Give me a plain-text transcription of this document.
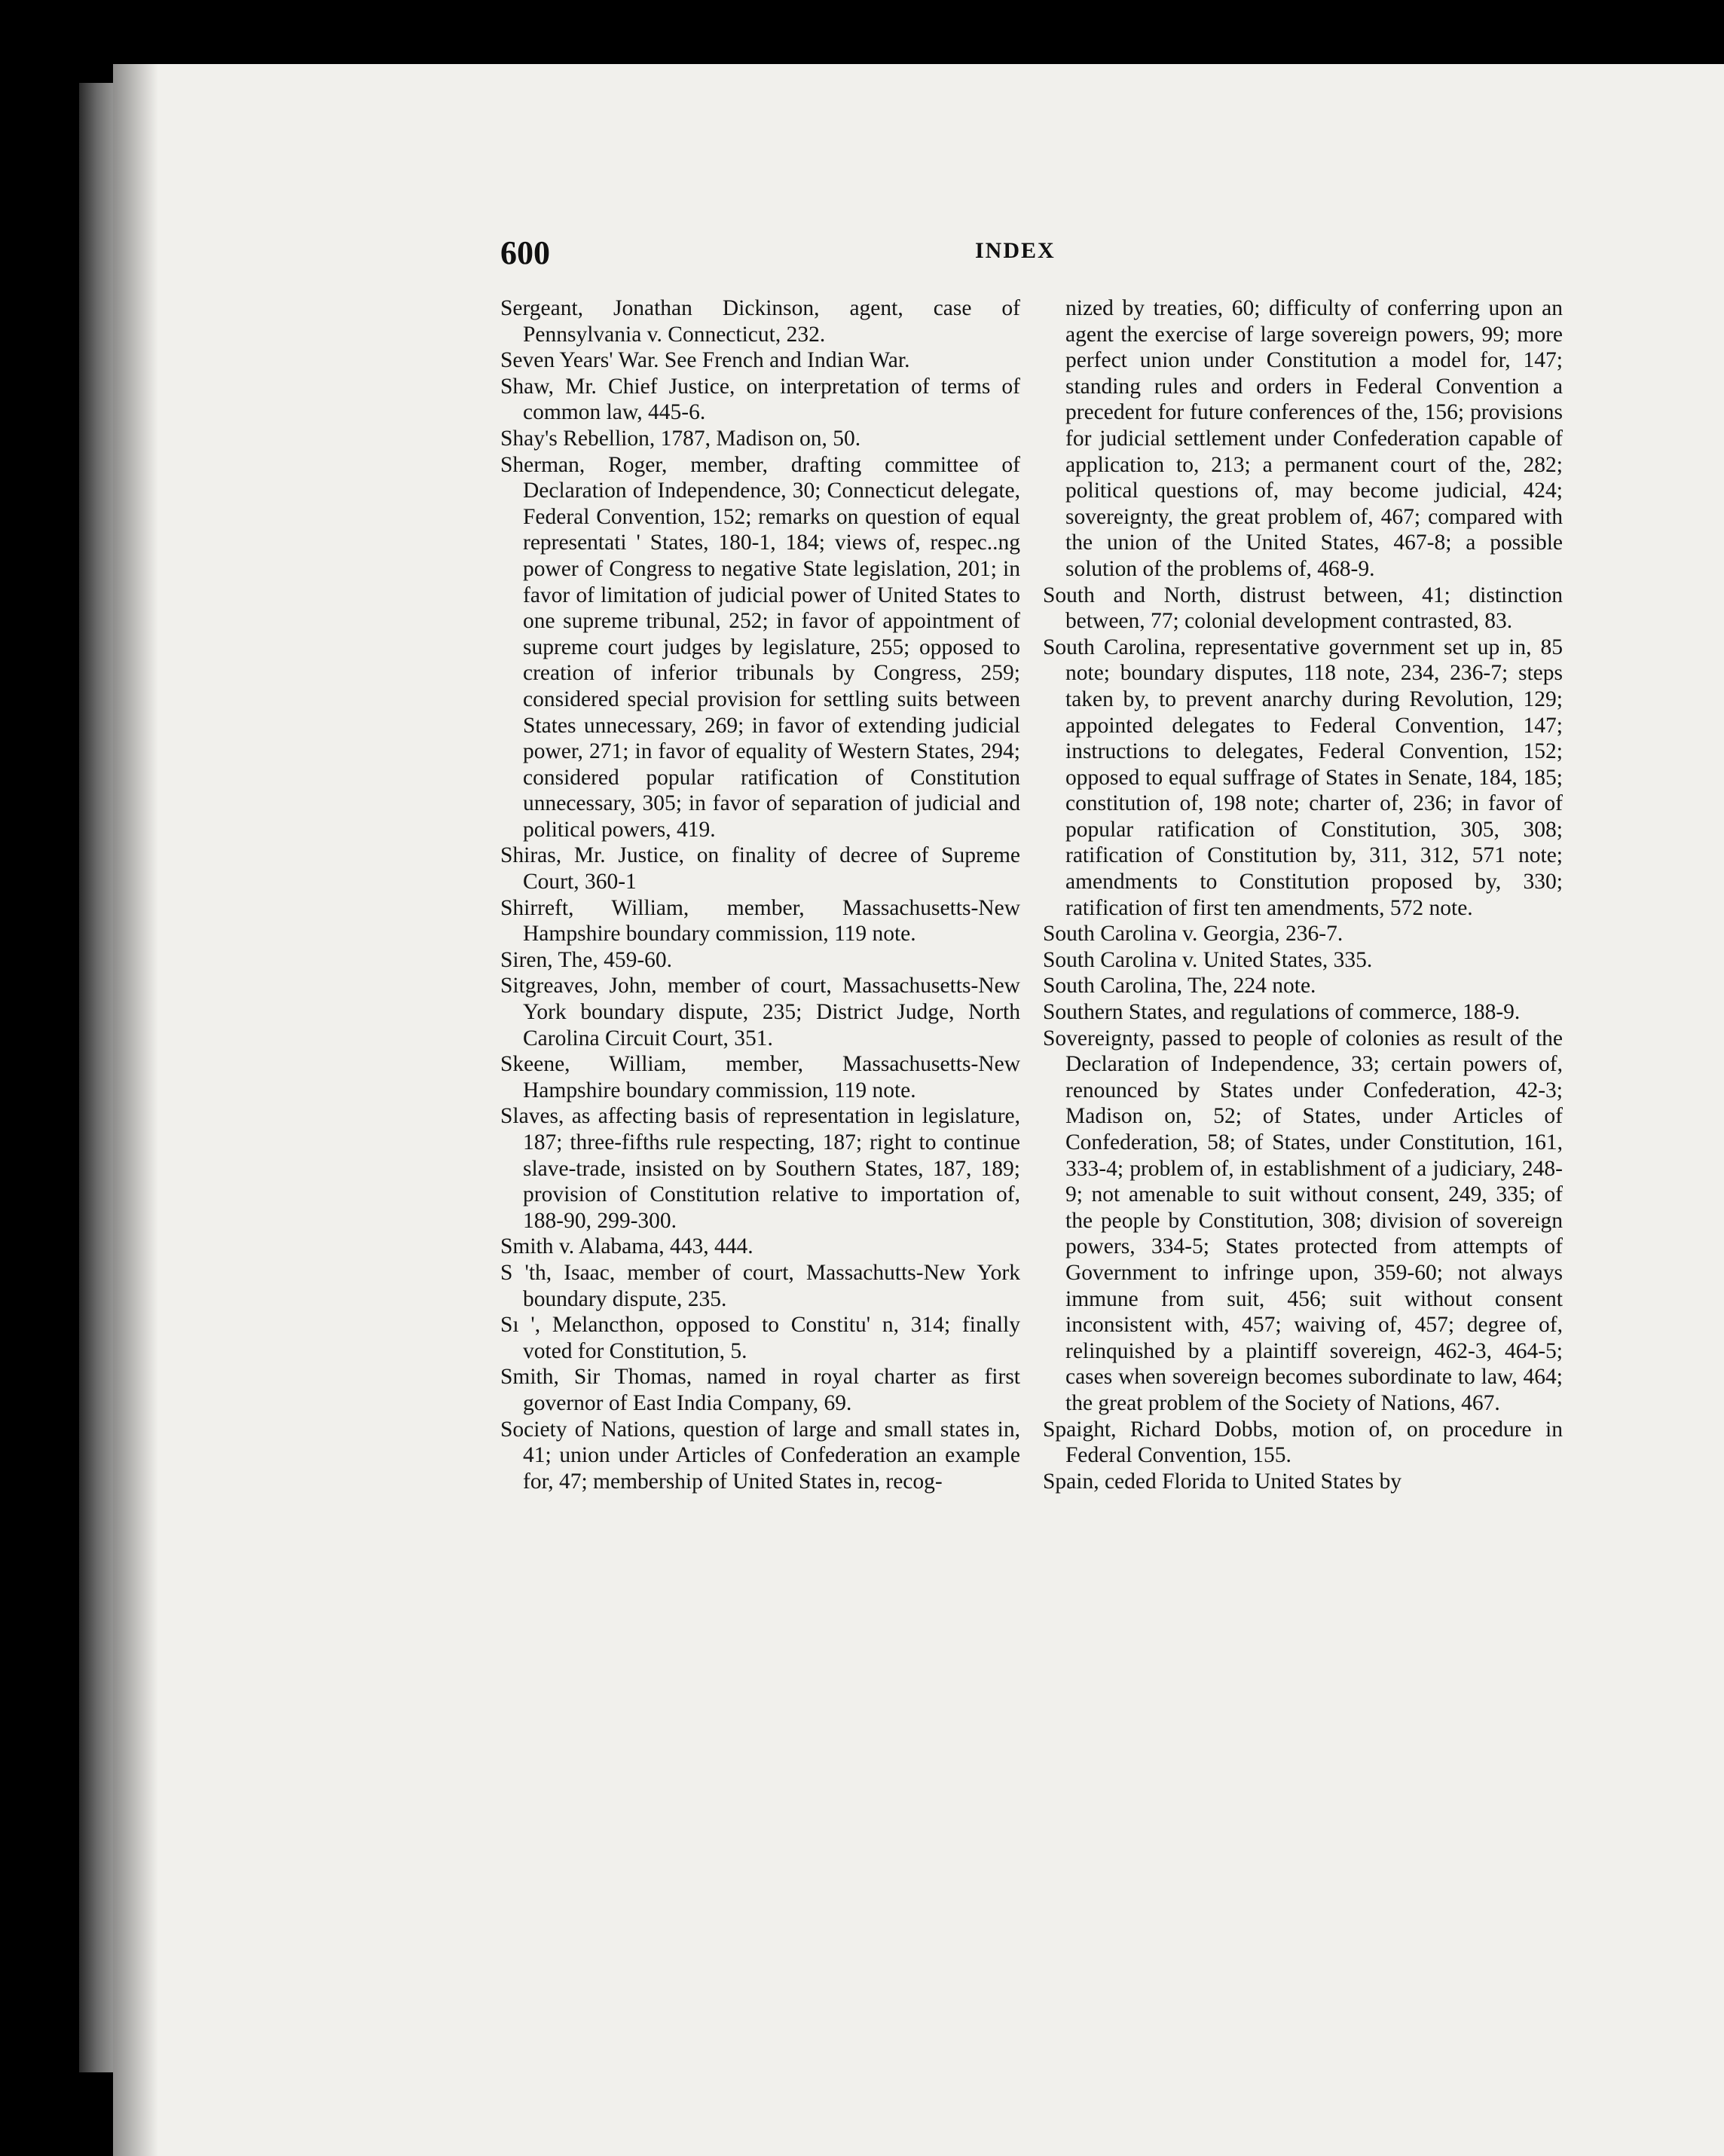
600	INDEX

Sergeant, Jonathan Dickinson, agent, case of Pennsylvania v. Connecticut, 232.

Seven Years' War. See French and Indian War.

Shaw, Mr. Chief Justice, on interpretation of terms of common law, 445-6.

Shay's Rebellion, 1787, Madison on, 50.

Sherman, Roger, member, drafting committee of Declaration of Independence, 30; Connecticut delegate, Federal Convention, 152; remarks on question of equal representati ' States, 180-1, 184; views of, respec..ng power of Congress to negative State legislation, 201; in favor of limitation of judicial power of United States to one supreme tribunal, 252; in favor of appointment of supreme court judges by legislature, 255; opposed to creation of inferior tribunals by Congress, 259; considered special provision for settling suits between States unnecessary, 269; in favor of extending judicial power, 271; in favor of equality of Western States, 294; considered popular ratification of Constitution unnecessary, 305; in favor of separation of judicial and political powers, 419.

Shiras, Mr. Justice, on finality of decree of Supreme Court, 360-1

Shirreft, William, member, Massachusetts-New Hampshire boundary commission, 119 note.

Siren, The, 459-60.

Sitgreaves, John, member of court, Massachusetts-New York boundary dispute, 235; District Judge, North Carolina Circuit Court, 351.

Skeene, William, member, Massachusetts-New Hampshire boundary commission, 119 note.

Slaves, as affecting basis of representation in legislature, 187; three-fifths rule respecting, 187; right to continue slave-trade, insisted on by Southern States, 187, 189; provision of Constitution relative to importation of, 188-90, 299-300.

Smith v. Alabama, 443, 444.

S 'th, Isaac, member of court, Massachutts-New York boundary dispute, 235.

Sı ', Melancthon, opposed to Constitu' n, 314; finally voted for Constitution, 5.

Smith, Sir Thomas, named in royal charter as first governor of East India Company, 69.

Society of Nations, question of large and small states in, 41; union under Articles of Confederation an example for, 47; membership of United States in, recog-

nized by treaties, 60; difficulty of conferring upon an agent the exercise of large sovereign powers, 99; more perfect union under Constitution a model for, 147; standing rules and orders in Federal Convention a precedent for future conferences of the, 156; provisions for judicial settlement under Confederation capable of application to, 213; a permanent court of the, 282; political questions of, may become judicial, 424; sovereignty, the great problem of, 467; compared with the union of the United States, 467-8; a possible solution of the problems of, 468-9.

South and North, distrust between, 41; distinction between, 77; colonial development contrasted, 83.

South Carolina, representative government set up in, 85 note; boundary disputes, 118 note, 234, 236-7; steps taken by, to prevent anarchy during Revolution, 129; appointed delegates to Federal Convention, 147; instructions to delegates, Federal Convention, 152; opposed to equal suffrage of States in Senate, 184, 185; constitution of, 198 note; charter of, 236; in favor of popular ratification of Constitution, 305, 308; ratification of Constitution by, 311, 312, 571 note; amendments to Constitution proposed by, 330; ratification of first ten amendments, 572 note.

South Carolina v. Georgia, 236-7.

South Carolina v. United States, 335.

South Carolina, The, 224 note.

Southern States, and regulations of commerce, 188-9.

Sovereignty, passed to people of colonies as result of the Declaration of Independence, 33; certain powers of, renounced by States under Confederation, 42-3; Madison on, 52; of States, under Articles of Confederation, 58; of States, under Constitution, 161, 333-4; problem of, in establishment of a judiciary, 248-9; not amenable to suit without consent, 249, 335; of the people by Constitution, 308; division of sovereign powers, 334-5; States protected from attempts of Government to infringe upon, 359-60; not always immune from suit, 456; suit without consent inconsistent with, 457; waiving of, 457; degree of, relinquished by a plaintiff sovereign, 462-3, 464-5; cases when sovereign becomes subordinate to law, 464; the great problem of the Society of Nations, 467.

Spaight, Richard Dobbs, motion of, on procedure in Federal Convention, 155.

Spain, ceded Florida to United States by
